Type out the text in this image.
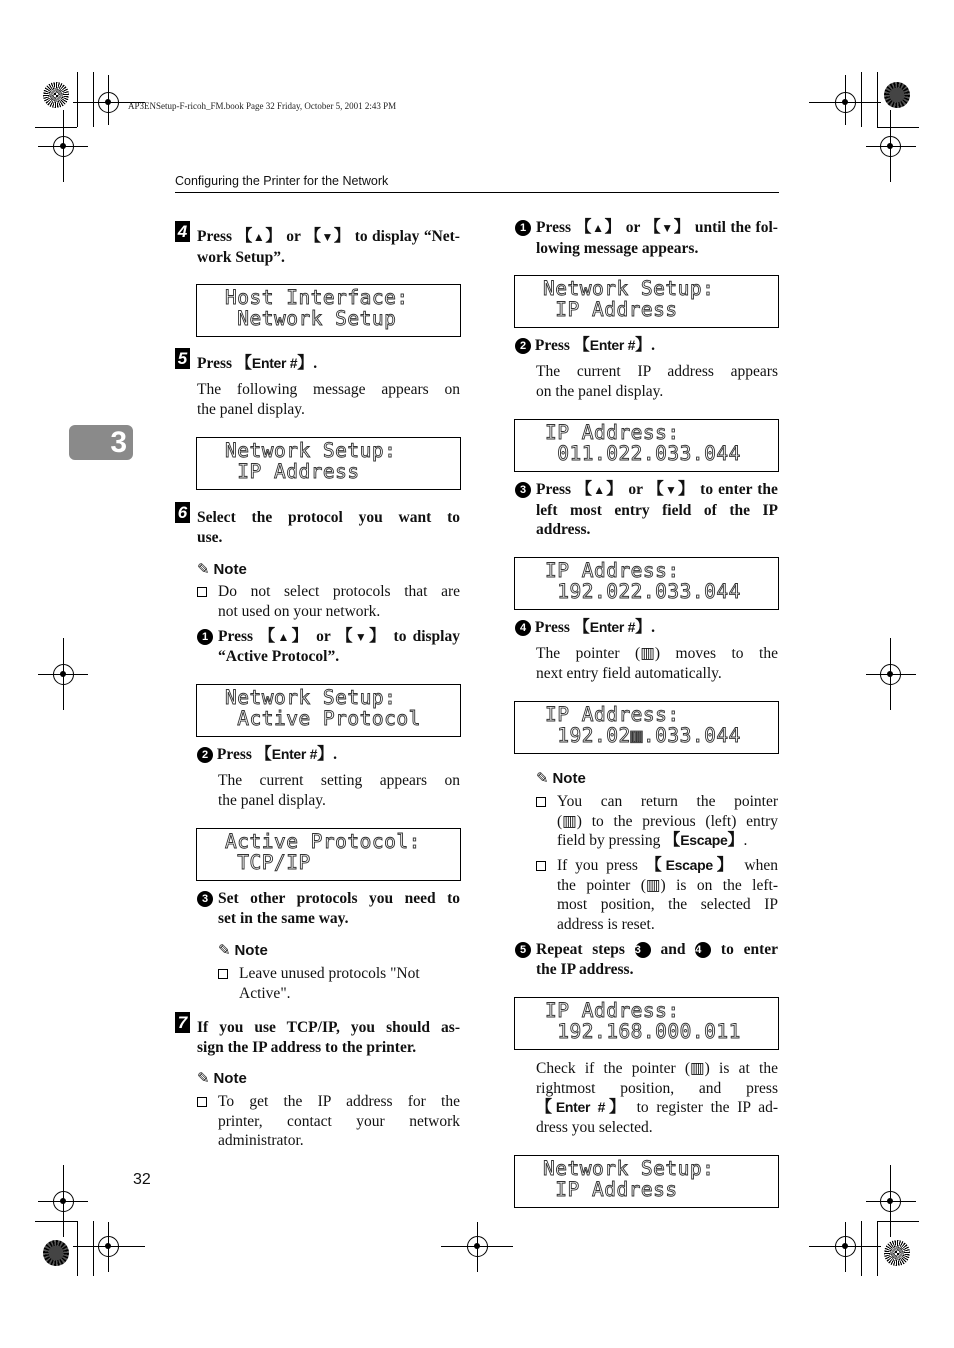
AP3ENSetup-F-ricoh_FM.book Page 32 Friday, October 5, 2001 2:43 PM
Configuring the Printer for the Network
3
32
4 Press 【▲】 or 【▼】 to display “Net-
work Setup”.
Host Interface:
Network Setup
5 Press 【Enter #】.
The following message appears on
the panel display.
Network Setup:
IP Address
6 Select the protocol you want to
use.
✎ Note
Do not select protocols that are
not used on your network.
1 Press 【▲】 or 【▼】 to display
“Active Protocol”.
Network Setup:
Active Protocol
2 Press 【Enter #】.
The current setting appears on
the panel display.
Active Protocol:
TCP/IP
3 Set other protocols you need to
set in the same way.
✎ Note
Leave unused protocols "Not
Active".
7 If you use TCP/IP, you should as-
sign the IP address to the printer.
✎ Note
To get the IP address for the
printer, contact your network
administrator.
1 Press 【▲】 or 【▼】 until the fol-
lowing message appears.
Network Setup:
IP Address
2 Press 【Enter #】.
The current IP address appears
on the panel display.
IP Address:
011.022.033.044
3 Press 【▲】 or 【▼】 to enter the
left most entry field of the IP
address.
IP Address:
192.022.033.044
4 Press 【Enter #】.
The pointer (▥) moves to the
next entry field automatically.
IP Address:
192.02▥.033.044
✎ Note
You can return the pointer
(▥) to the previous (left) entry
field by pressing 【Escape】.
If you press 【Escape】 when
the pointer (▥) is on the left-
most position, the selected IP
address is reset.
5 Repeat steps 3 and 4 to enter
the IP address.
IP Address:
192.168.000.011
Check if the pointer (▥) is at the
rightmost position, and press
【Enter #】 to register the IP ad-
dress you selected.
Network Setup:
IP Address
